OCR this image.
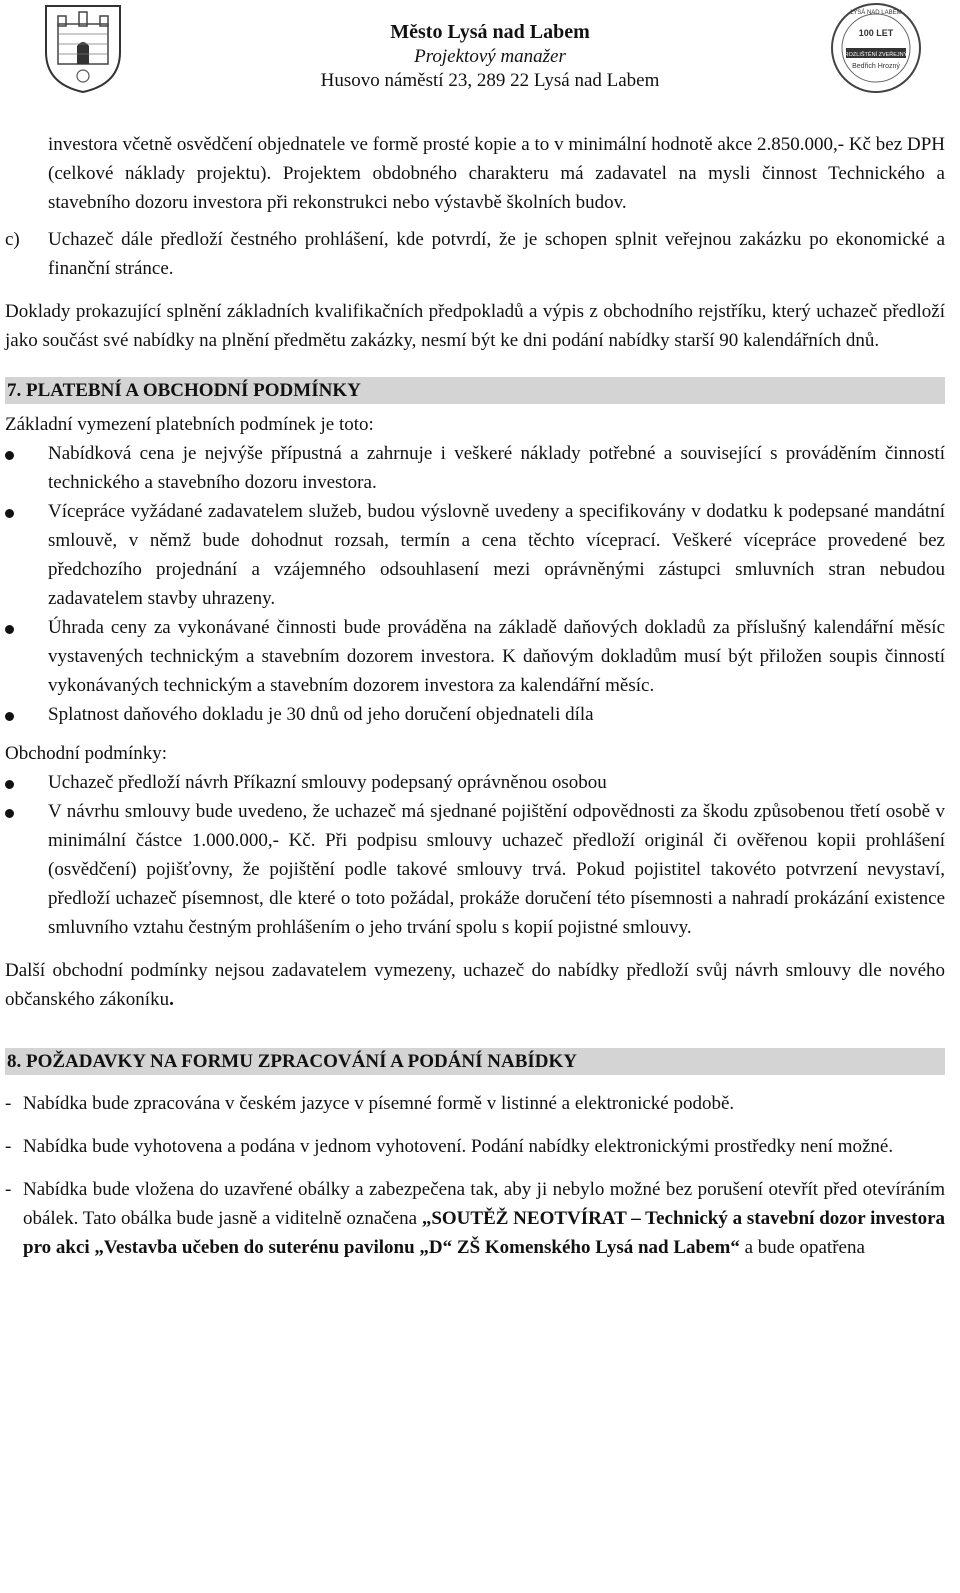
Město Lysá nad Labem
Projektový manažer
Husovo náměstí 23, 289 22 Lysá nad Labem
LYSÁ NAD LABEM
100 LET
ROZLIŠTĚNÍ ZVEŘEJNÝ
Bedřich Hrozný

investora včetně osvědčení objednatele ve formě prosté kopie a to v minimální hodnotě akce 2.850.000,- Kč bez DPH (celkové náklady projektu). Projektem obdobného charakteru má zadavatel na mysli činnost Technického a stavebního dozoru investora při rekonstrukci nebo výstavbě školních budov.

c) Uchazeč dále předloží čestného prohlášení, kde potvrdí, že je schopen splnit veřejnou zakázku po ekonomické a finanční stránce.

Doklady prokazující splnění základních kvalifikačních předpokladů a výpis z obchodního rejstříku, který uchazeč předloží jako součást své nabídky na plnění předmětu zakázky, nesmí být ke dni podání nabídky starší 90 kalendářních dnů.

7. PLATEBNÍ A OBCHODNÍ PODMÍNKY

Základní vymezení platebních podmínek je toto:

Nabídková cena je nejvýše přípustná a zahrnuje i veškeré náklady potřebné a související s prováděním činností technického a stavebního dozoru investora.
Vícepráce vyžádané zadavatelem služeb, budou výslovně uvedeny a specifikovány v dodatku k podepsané mandátní smlouvě, v němž bude dohodnut rozsah, termín a cena těchto víceprací. Veškeré vícepráce provedené bez předchozího projednání a vzájemného odsouhlasení mezi oprávněnými zástupci smluvních stran nebudou zadavatelem stavby uhrazeny.
Úhrada ceny za vykonávané činnosti bude prováděna na základě daňových dokladů za příslušný kalendářní měsíc vystavených technickým a stavebním dozorem investora. K daňovým dokladům musí být přiložen soupis činností vykonávaných technickým a stavebním dozorem investora za kalendářní měsíc.
Splatnost daňového dokladu je 30 dnů od jeho doručení objednateli díla

Obchodní podmínky:

Uchazeč předloží návrh Příkazní smlouvy podepsaný oprávněnou osobou
V návrhu smlouvy bude uvedeno, že uchazeč má sjednané pojištění odpovědnosti za škodu způsobenou třetí osobě v minimální částce 1.000.000,- Kč. Při podpisu smlouvy uchazeč předloží originál či ověřenou kopii prohlášení (osvědčení) pojišťovny, že pojištění podle takové smlouvy trvá. Pokud pojistitel takovéto potvrzení nevystaví, předloží uchazeč písemnost, dle které o toto požádal, prokáže doručení této písemnosti a nahradí prokázání existence smluvního vztahu čestným prohlášením o jeho trvání spolu s kopií pojistné smlouvy.

Další obchodní podmínky nejsou zadavatelem vymezeny, uchazeč do nabídky předloží svůj návrh smlouvy dle nového občanského zákoníku.

8. POŽADAVKY NA FORMU ZPRACOVÁNÍ A PODÁNÍ NABÍDKY
- Nabídka bude zpracována v českém jazyce v písemné formě v listinné a elektronické podobě.
- Nabídka bude vyhotovena a podána v jednom vyhotovení. Podání nabídky elektronickými prostředky není možné.
- Nabídka bude vložena do uzavřené obálky a zabezpečena tak, aby ji nebylo možné bez porušení otevřít před otevíráním obálek. Tato obálka bude jasně a viditelně označena „SOUTĚŽ NEOTVÍRAT – Technický a stavební dozor investora pro akci „Vestavba učeben do suterénu pavilonu „D“ ZŠ Komenského Lysá nad Labem“ a bude opatřena
